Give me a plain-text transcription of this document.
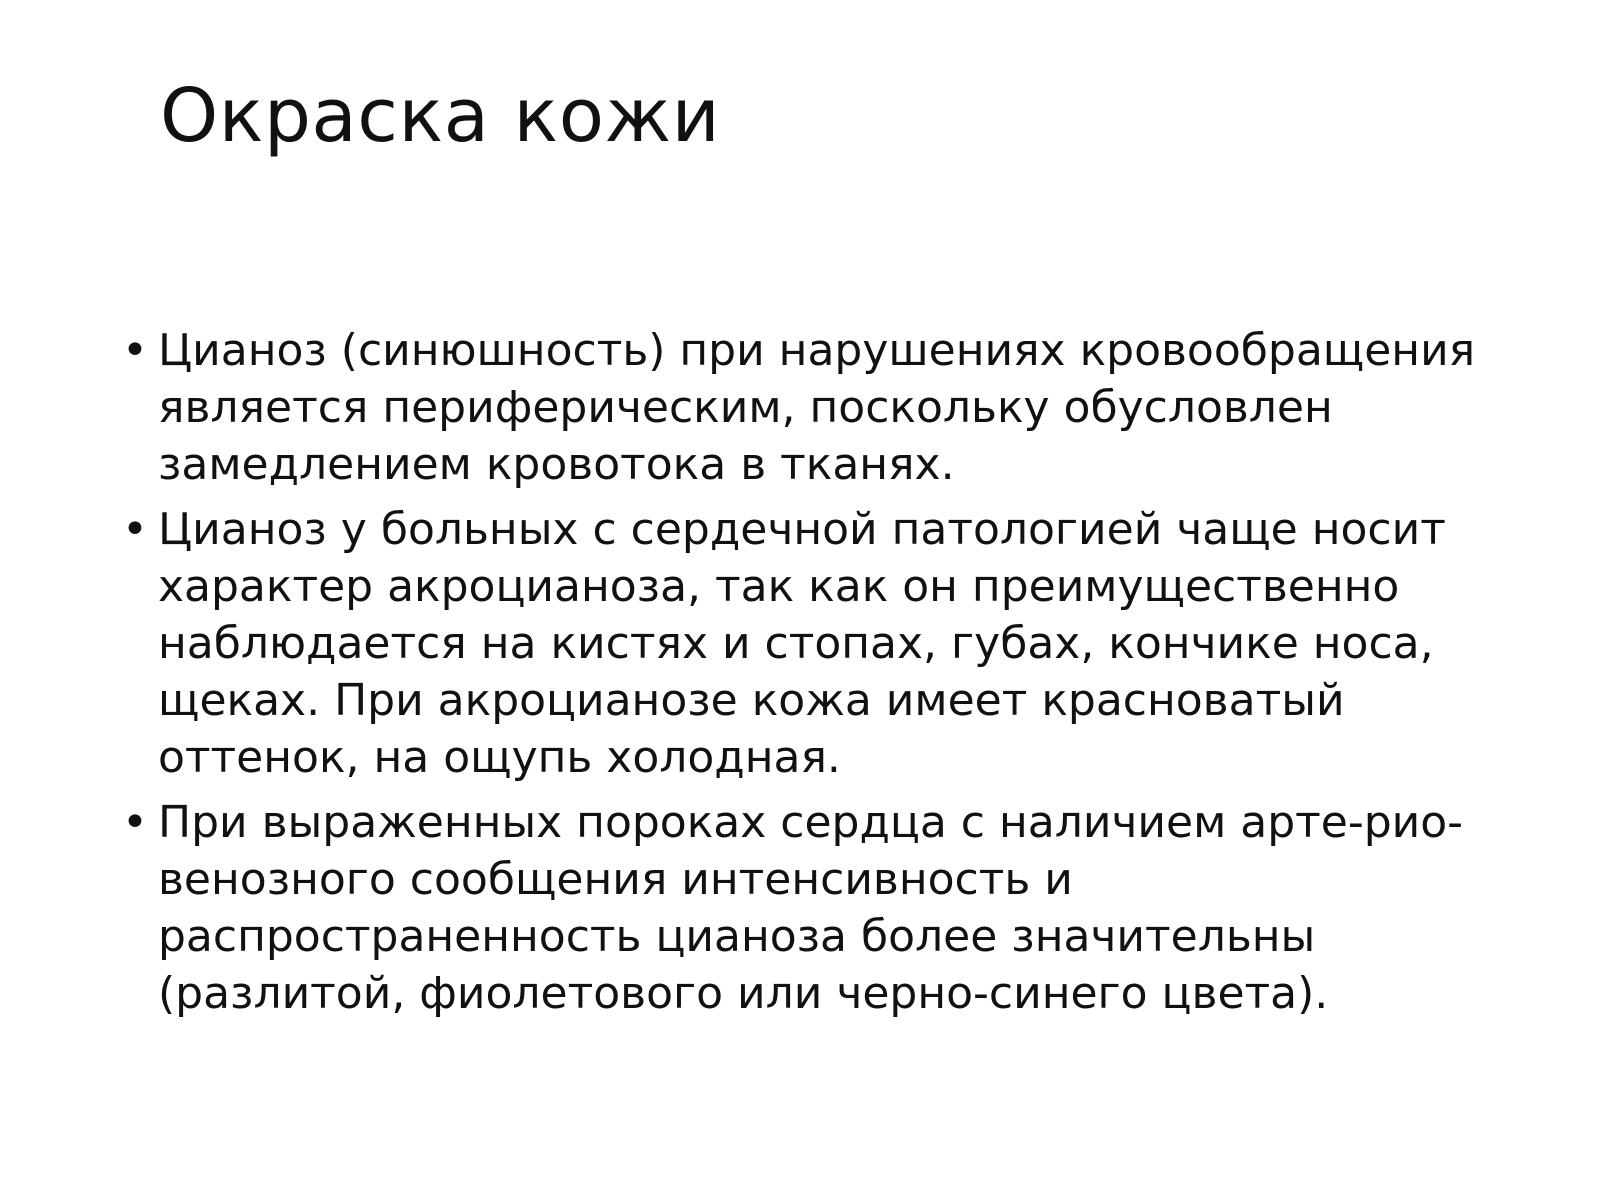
Окраска кожи
• Цианоз (синюшность) при нарушениях кровообращения является периферическим, поскольку обусловлен замедлением кровотока в тканях.
• Цианоз у больных с сердечной патологией чаще носит характер акроцианоза, так как он преимущественно наблюдается на кистях и стопах, губах, кончике носа, щеках. При акроцианозе кожа имеет красноватый оттенок, на ощупь холодная.
• При выраженных пороках сердца с наличием арте-рио-венозного сообщения интенсивность и распространенность цианоза более значительны (разлитой, фиолетового или черно-синего цвета).
